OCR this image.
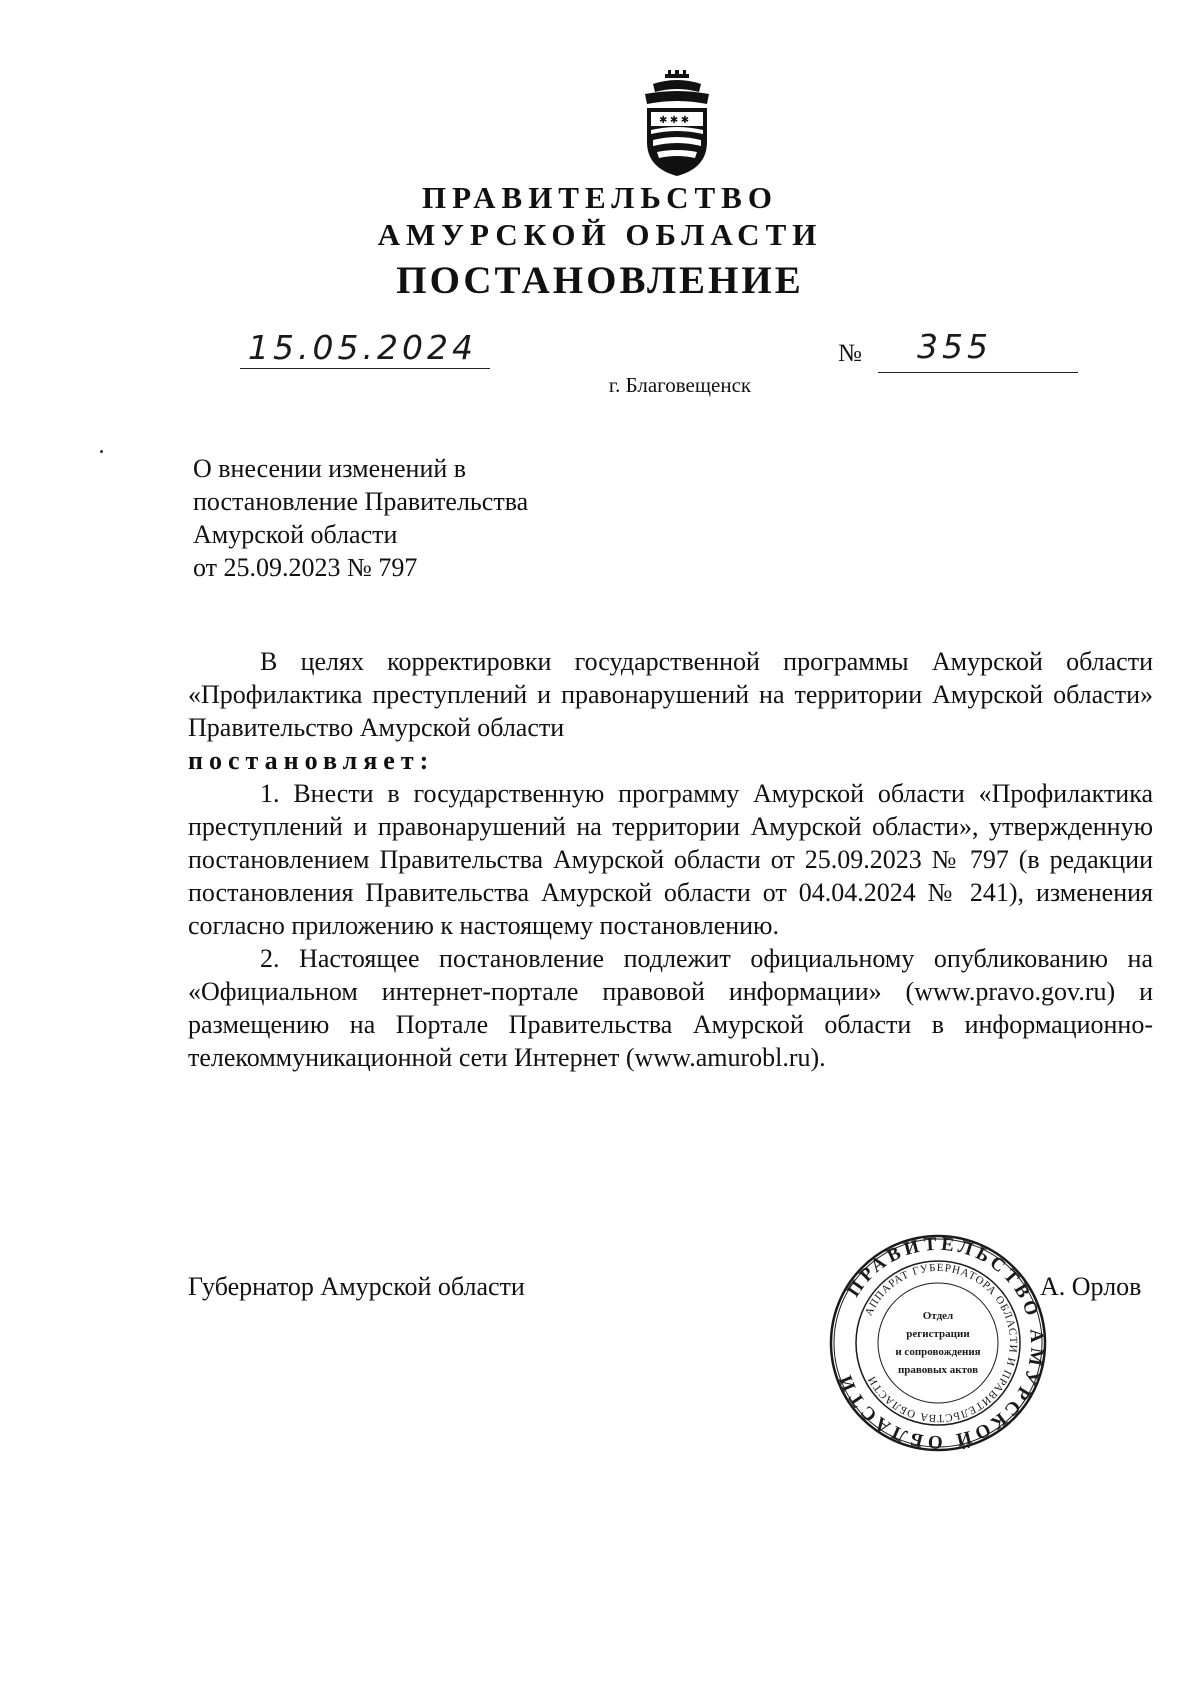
✱ ✱ ✱
ПРАВИТЕЛЬСТВО
АМУРСКОЙ ОБЛАСТИ
ПОСТАНОВЛЕНИЕ
15.05.2024	№ 355
г. Благовещенск
О внесении изменений в
постановление Правительства
Амурской области
от 25.09.2023 № 797

В целях корректировки государственной программы Амурской области «Профилактика преступлений и правонарушений на территории Амурской области» Правительство Амурской области

постановляет:

1. Внести в государственную программу Амурской области «Профилактика преступлений и правонарушений на территории Амурской области», утвержденную постановлением Правительства Амурской области от 25.09.2023 № 797 (в редакции постановления Правительства Амурской области от 04.04.2024 № 241), изменения согласно приложению к настоящему постановлению.

2. Настоящее постановление подлежит официальному опубликованию на «Официальном интернет-портале правовой информации» (www.pravo.gov.ru) и размещению на Портале Правительства Амурской области в информационно-телекоммуникационной сети Интернет (www.amurobl.ru).

Губернатор Амурской области	А. Орлов
ПРАВИТЕЛЬСТВО АМУРСКОЙ ОБЛАСТИ
АППАРАТ ГУБЕРНАТОРА ОБЛАСТИ И ПРАВИТЕЛЬСТВА ОБЛАСТИ
Отдел
регистрации
и сопровождения
правовых актов
